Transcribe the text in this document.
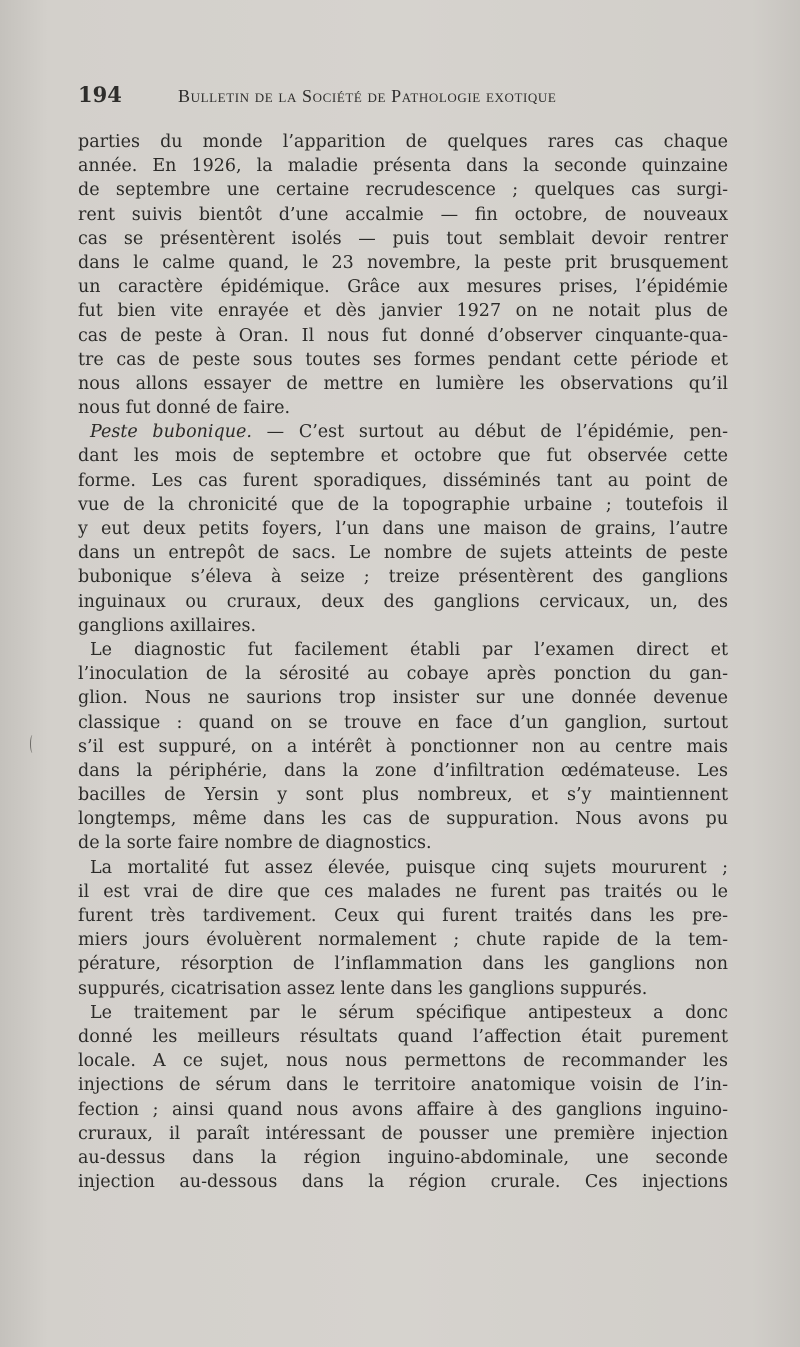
194	Bulletin de la Société de Pathologie exotique
parties du monde l’apparition de quelques rares cas chaque
année. En 1926, la maladie présenta dans la seconde quinzaine
de septembre une certaine recrudescence ; quelques cas surgi-
rent suivis bientôt d’une accalmie — fin octobre, de nouveaux
cas se présentèrent isolés — puis tout semblait devoir rentrer
dans le calme quand, le 23 novembre, la peste prit brusquement
un caractère épidémique. Grâce aux mesures prises, l’épidémie
fut bien vite enrayée et dès janvier 1927 on ne notait plus de
cas de peste à Oran. Il nous fut donné d’observer cinquante-qua-
tre cas de peste sous toutes ses formes pendant cette période et
nous allons essayer de mettre en lumière les observations qu’il
nous fut donné de faire.
Peste bubonique. — C’est surtout au début de l’épidémie, pen-
dant les mois de septembre et octobre que fut observée cette
forme. Les cas furent sporadiques, disséminés tant au point de
vue de la chronicité que de la topographie urbaine ; toutefois il
y eut deux petits foyers, l’un dans une maison de grains, l’autre
dans un entrepôt de sacs. Le nombre de sujets atteints de peste
bubonique s’éleva à seize ; treize présentèrent des ganglions
inguinaux ou cruraux, deux des ganglions cervicaux, un, des
ganglions axillaires.
Le diagnostic fut facilement établi par l’examen direct et
l’inoculation de la sérosité au cobaye après ponction du gan-
glion. Nous ne saurions trop insister sur une donnée devenue
classique : quand on se trouve en face d’un ganglion, surtout
s’il est suppuré, on a intérêt à ponctionner non au centre mais
dans la périphérie, dans la zone d’infiltration œdémateuse. Les
bacilles de Yersin y sont plus nombreux, et s’y maintiennent
longtemps, même dans les cas de suppuration. Nous avons pu
de la sorte faire nombre de diagnostics.
La mortalité fut assez élevée, puisque cinq sujets moururent ;
il est vrai de dire que ces malades ne furent pas traités ou le
furent très tardivement. Ceux qui furent traités dans les pre-
miers jours évoluèrent normalement ; chute rapide de la tem-
pérature, résorption de l’inflammation dans les ganglions non
suppurés, cicatrisation assez lente dans les ganglions suppurés.
Le traitement par le sérum spécifique antipesteux a donc
donné les meilleurs résultats quand l’affection était purement
locale. A ce sujet, nous nous permettons de recommander les
injections de sérum dans le territoire anatomique voisin de l’in-
fection ; ainsi quand nous avons affaire à des ganglions inguino-
cruraux, il paraît intéressant de pousser une première injection
au-dessus dans la région inguino-abdominale, une seconde
injection au-dessous dans la région crurale. Ces injections
